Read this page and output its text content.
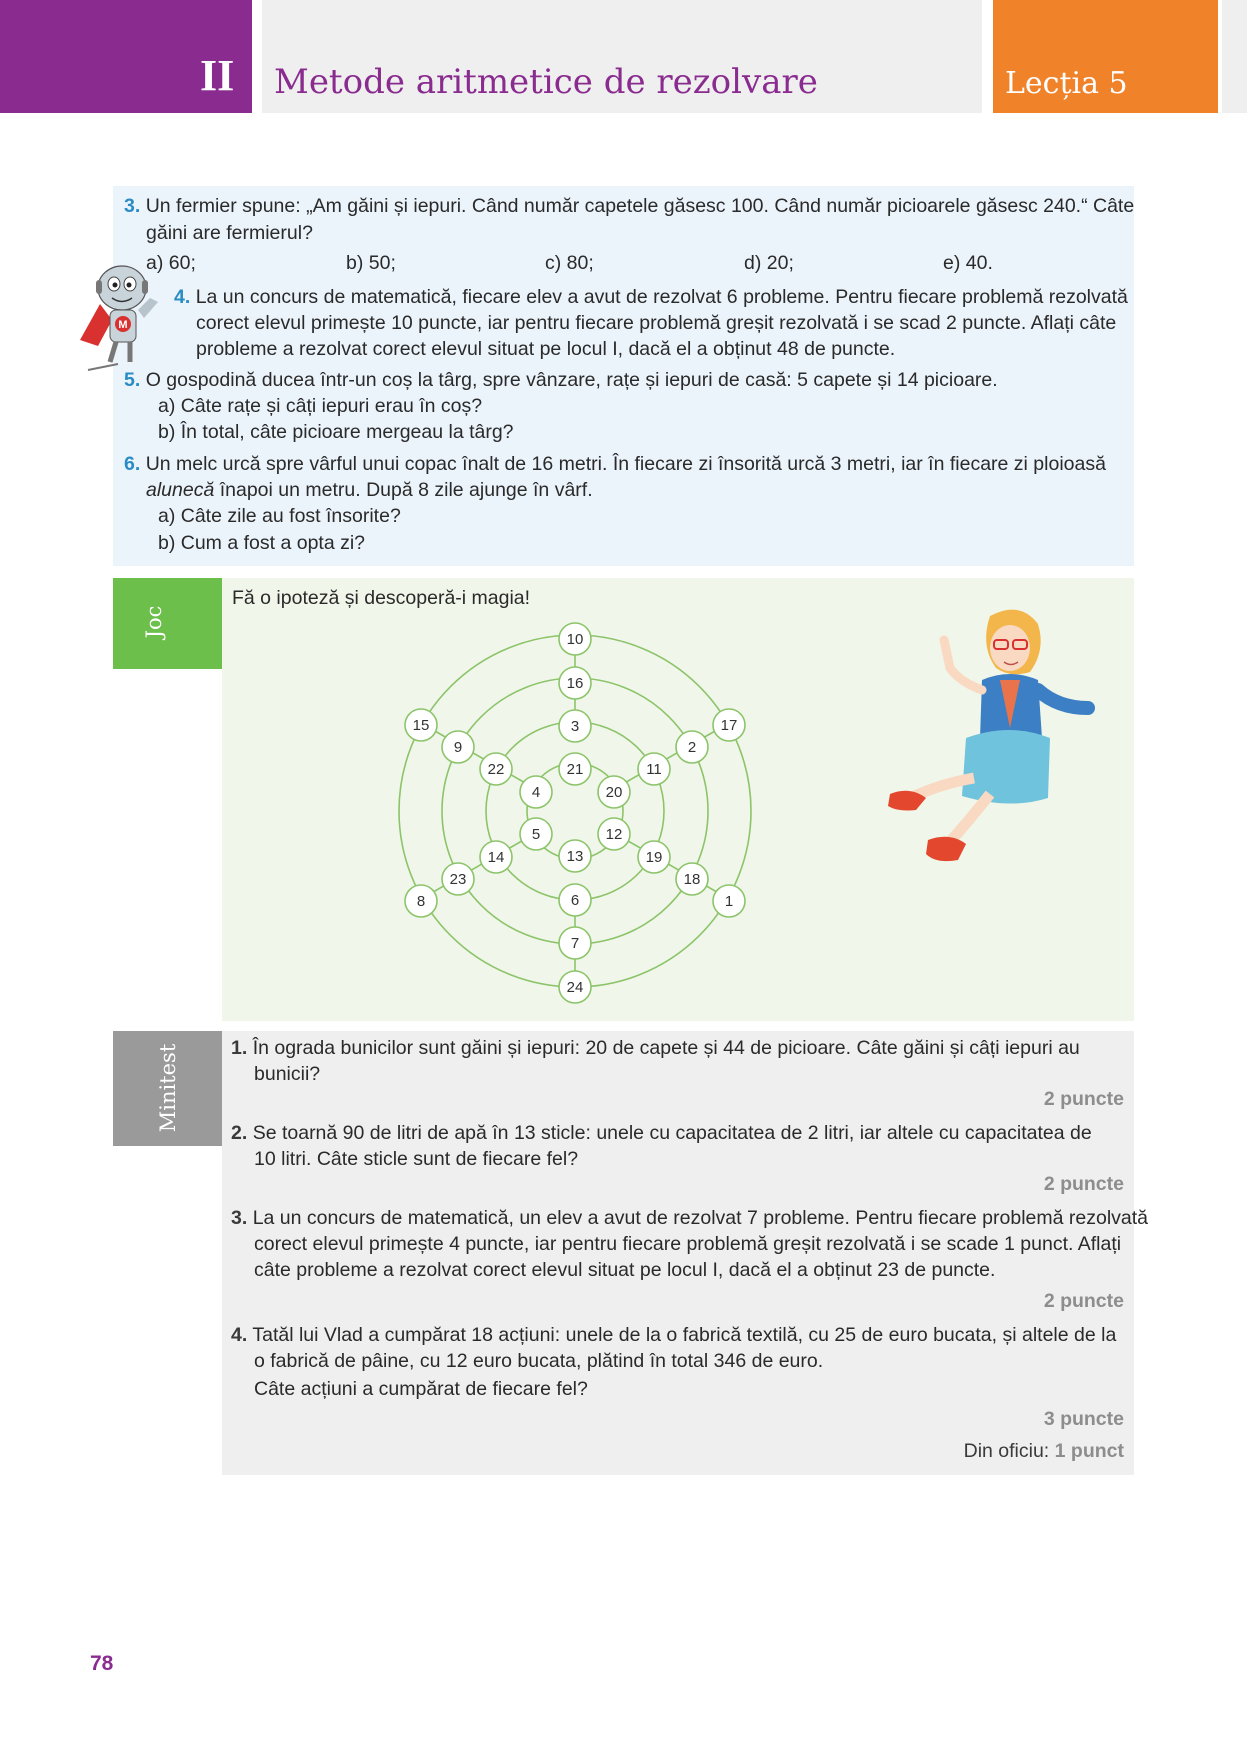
II Metode aritmetice de rezolvare	Lecția 5
3. Un fermier spune: „Am găini și iepuri. Când număr capetele găsesc 100. Când număr picioarele găsesc 240.“ Câte
găini are fermierul?
a) 60;	b) 50;	c) 80;	d) 20;	e) 40.
M
4. La un concurs de matematică, fiecare elev a avut de rezolvat 6 probleme. Pentru fiecare problemă rezolvată
corect elevul primește 10 puncte, iar pentru fiecare problemă greșit rezolvată i se scad 2 puncte. Aflați câte
probleme a rezolvat corect elevul situat pe locul I, dacă el a obținut 48 de puncte.
5. O gospodină ducea într-un coș la târg, spre vânzare, rațe și iepuri de casă: 5 capete și 14 picioare.
a) Câte rațe și câți iepuri erau în coș?
b) În total, câte picioare mergeau la târg?
6. Un melc urcă spre vârful unui copac înalt de 16 metri. În fiecare zi însorită urcă 3 metri, iar în fiecare zi ploioasă
alunecă înapoi un metru. După 8 zile ajunge în vârf.
a) Câte zile au fost însorite?
b) Cum a fost a opta zi?
Joc
Fă o ipoteză și descoperă-i magia!
10
16
3
21
13
6
7
24
15
9
22
4
5
14
23
8
17
2
11
20
12
19
18
1
Minitest	1. În ograda bunicilor sunt găini și iepuri: 20 de capete și 44 de picioare. Câte găini și câți iepuri au
bunicii?
2 puncte
2. Se toarnă 90 de litri de apă în 13 sticle: unele cu capacitatea de 2 litri, iar altele cu capacitatea de
10 litri. Câte sticle sunt de fiecare fel?
2 puncte
3. La un concurs de matematică, un elev a avut de rezolvat 7 probleme. Pentru fiecare problemă rezolvată
corect elevul primește 4 puncte, iar pentru fiecare problemă greșit rezolvată i se scade 1 punct. Aflați
câte probleme a rezolvat corect elevul situat pe locul I, dacă el a obținut 23 de puncte.
2 puncte
4. Tatăl lui Vlad a cumpărat 18 acțiuni: unele de la o fabrică textilă, cu 25 de euro bucata, și altele de la
o fabrică de pâine, cu 12 euro bucata, plătind în total 346 de euro.
Câte acțiuni a cumpărat de fiecare fel?
3 puncte
Din oficiu: 1 punct
78
